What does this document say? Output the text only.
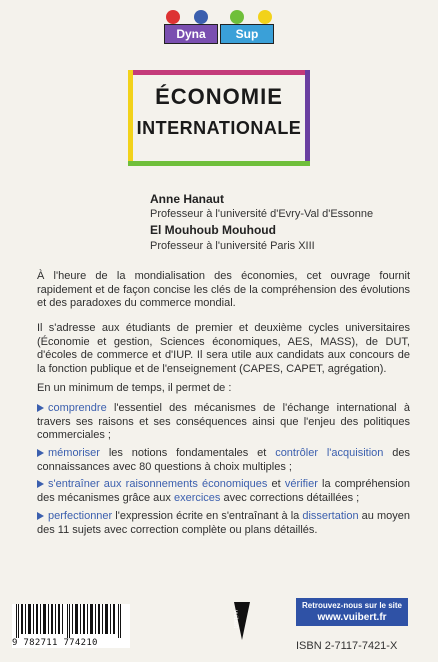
Dyna	Sup
ÉCONOMIE
INTERNATIONALE
Anne Hanaut
Professeur à l'université d'Evry-Val d'Essonne
El Mouhoub Mouhoud
Professeur à l'université Paris XIII
À l'heure de la mondialisation des économies, cet ouvrage fournit rapidement et de façon concise les clés de la compréhension des évolutions et des paradoxes du commerce mondial.
Il s'adresse aux étudiants de premier et deuxième cycles universitaires (Économie et gestion, Sciences économiques, AES, MASS), de DUT, d'écoles de commerce et d'IUP. Il sera utile aux candidats aux concours de la fonction publique et de l'enseignement (CAPES, CAPET, agrégation).
En un minimum de temps, il permet de :
comprendre l'essentiel des mécanismes de l'échange international à travers ses raisons et ses conséquences ainsi que l'enjeu des politiques commerciales ;
mémoriser les notions fondamentales et contrôler l'acquisition des connaissances avec 80 questions à choix multiples ;
s'entraîner aux raisonnements économiques et vérifier la compréhension des mécanismes grâce aux exercices avec corrections détaillées ;
perfectionner l'expression écrite en s'entraînant à la dissertation au moyen des 11 sujets avec correction complète ou plans détaillés.
9 782711 774210
vuibert
Retrouvez-nous sur le site
www.vuibert.fr
ISBN 2-7117-7421-X
